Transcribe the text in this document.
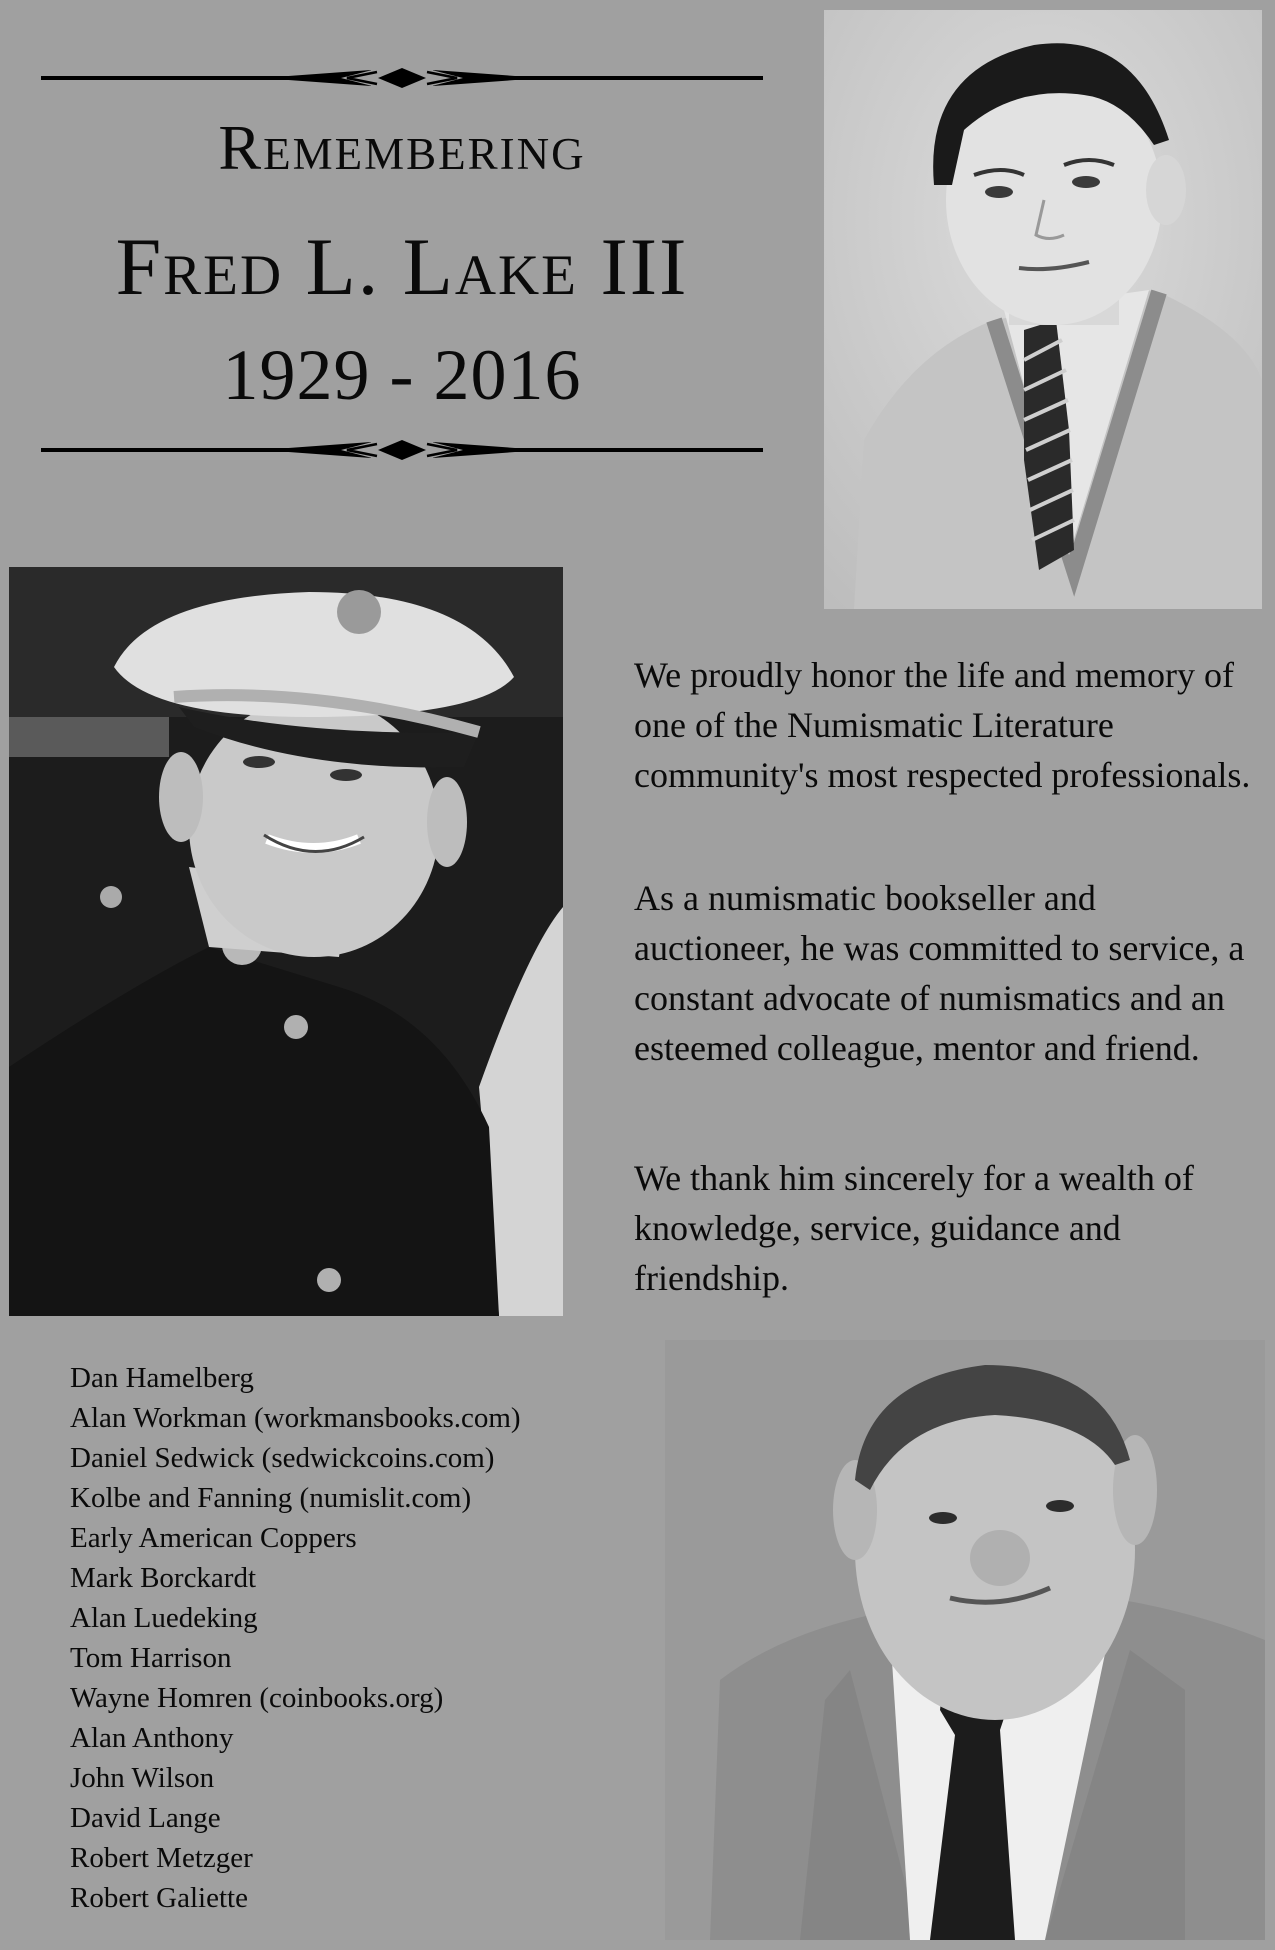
Remembering
Fred L. Lake III
1929 - 2016

We proudly honor the life and memory of one of the Numismatic Literature community's most respected professionals.

As a numismatic bookseller and auctioneer, he was committed to service, a constant advocate of numismatics and an esteemed colleague, mentor and friend.

We thank him sincerely for a wealth of knowledge, service, guidance and friendship.

Dan Hamelberg
Alan Workman (workmansbooks.com)
Daniel Sedwick (sedwickcoins.com)
Kolbe and Fanning (numislit.com)
Early American Coppers
Mark Borckardt
Alan Luedeking
Tom Harrison
Wayne Homren (coinbooks.org)
Alan Anthony
John Wilson
David Lange
Robert Metzger
Robert Galiette
